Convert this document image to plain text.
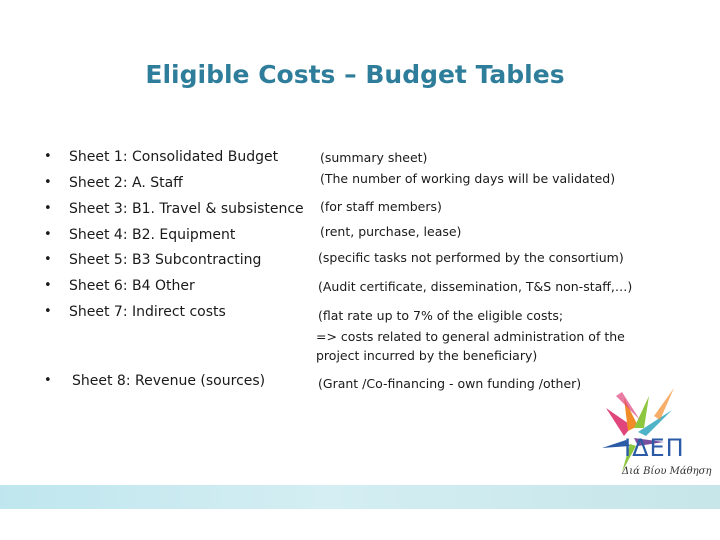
Eligible Costs – Budget Tables
• Sheet 1: Consolidated Budget
• Sheet 2: A. Staff
• Sheet 3: B1. Travel & subsistence
• Sheet 4: B2. Equipment
• Sheet 5: B3 Subcontracting
• Sheet 6: B4 Other
• Sheet 7: Indirect costs
• Sheet 8: Revenue (sources)
(summary sheet)
(The number of working days will be validated)
(for staff members)
(rent, purchase, lease)
(specific tasks not performed by the consortium)
(Audit certificate, dissemination, T&S non-staff,…)
(flat rate up to 7% of the eligible costs;
=> costs related to general administration of the
project incurred by the beneficiary)
(Grant /Co-financing - own funding /other)
ΙΔΕΠ
Διά Βίου Μάθηση
